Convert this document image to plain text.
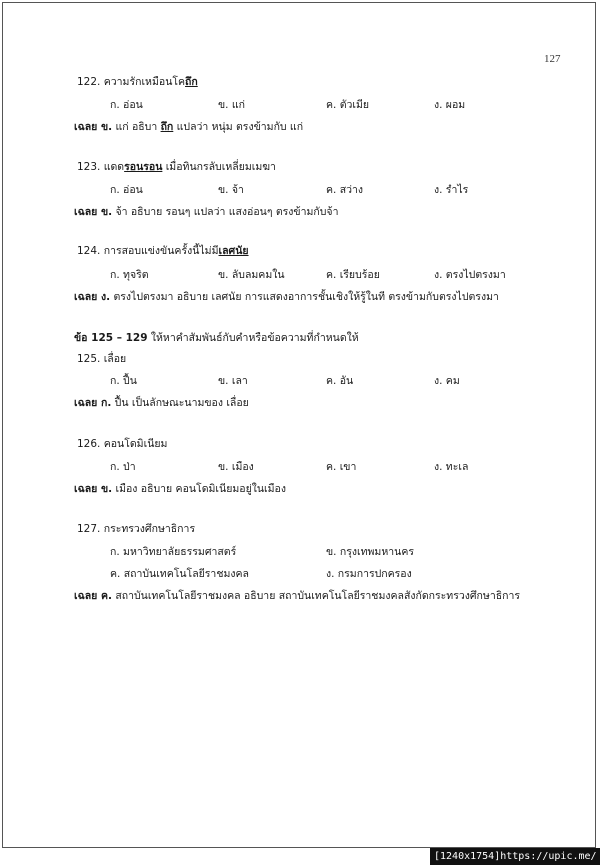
127
122. ความรักเหมือนโคถึก
ก. อ่อน	ข. แก่	ค. ตัวเมีย	ง. ผอม
เฉลย ข. แก่ อธิบา ถึก แปลว่า หนุ่ม ตรงข้ามกับ แก่
123. แดดรอนรอน เมื่อทินกรลับเหลี่ยมเมฆา
ก. อ่อน	ข. จ้า	ค. สว่าง	ง. รำไร
เฉลย ข. จ้า อธิบาย รอนๆ แปลว่า แสงอ่อนๆ ตรงข้ามกับจ้า
124. การสอบแข่งขันครั้งนี้ไม่มีเลศนัย
ก. ทุจริต	ข. ลับลมคมใน	ค. เรียบร้อย	ง. ตรงไปตรงมา
เฉลย ง. ตรงไปตรงมา อธิบาย เลศนัย การแสดงอาการชั้นเชิงให้รู้ในที ตรงข้ามกับตรงไปตรงมา
ข้อ 125 – 129 ให้หาคำสัมพันธ์กับคำหรือข้อความที่กำหนดให้
125. เลื่อย
ก. ปื้น	ข. เลา	ค. อัน	ง. คม
เฉลย ก. ปื้น เป็นลักษณะนามของ เลื่อย
126. คอนโดมิเนียม
ก. ป่า	ข. เมือง	ค. เขา	ง. ทะเล
เฉลย ข. เมือง อธิบาย คอนโดมิเนียมอยู่ในเมือง
127. กระทรวงศึกษาธิการ
ก. มหาวิทยาลัยธรรมศาสตร์	ข. กรุงเทพมหานคร
ค. สถาบันเทคโนโลยีราชมงคล	ง. กรมการปกครอง
เฉลย ค. สถาบันเทคโนโลยีราชมงคล อธิบาย สถาบันเทคโนโลยีราชมงคลสังกัดกระทรวงศึกษาธิการ
[1240x1754]https://upic.me/
